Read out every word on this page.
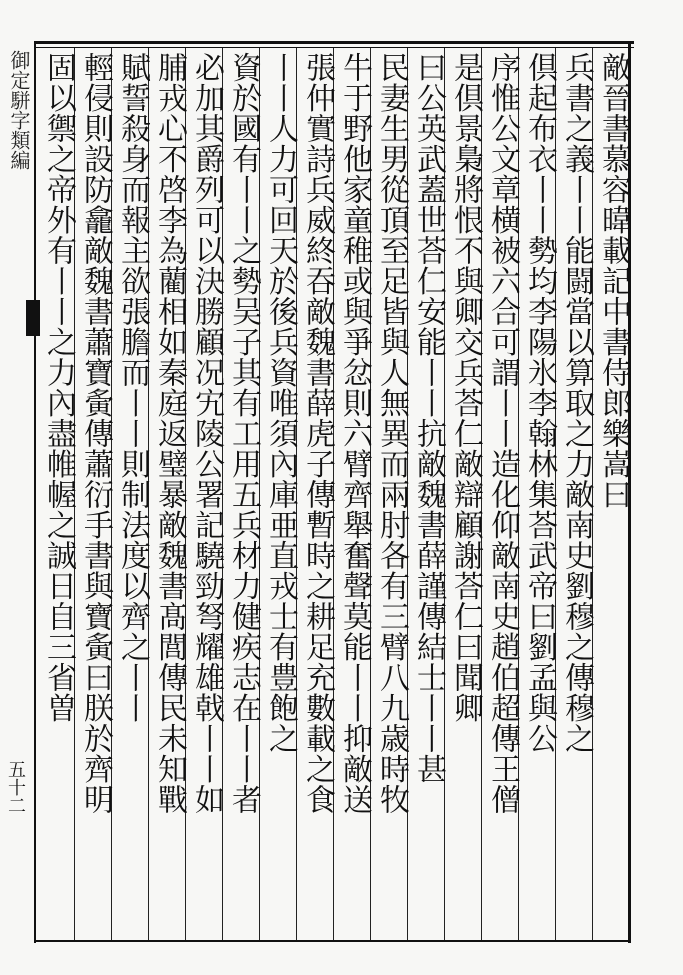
敵晉書慕容暐載記中書侍郎樂嵩曰
兵書之義丨丨能闘當以算取之力敵南史劉穆之傳穆之
倶起布衣丨丨勢均李陽氷李翰林集荅武帝曰劉孟與公
序惟公文章横被六合可謂丨丨造化仰敵南史趙伯超傳王僧
是倶景梟將恨不與卿交兵荅仁敵辯顧謝荅仁曰聞卿
曰公英武蓋世荅仁安能丨丨抗敵魏書薛謹傳結士丨丨甚
民妻生男從頂至足皆與人無異而兩肘各有三臂八九歳時牧
牛于野他家童稚或與爭忿則六臂齊舉奮聲莫能丨丨抑敵送
張仲實詩兵威終吞敵魏書薛虎子傳暫時之耕足充數載之食
丨丨人力可回天於後兵資唯須內庫亜直戎士有豊飽之
資於國有丨丨之勢吴子其有工用五兵材力健疾志在丨丨者
必加其爵列可以決勝顧况宄陵公署記驍勁弩耀雄戟丨丨如
脯戎心不啓李為藺相如秦庭返璧暴敵魏書髙閭傳民未知戰
賦誓殺身而報主欲張膽而丨丨則制法度以齊之丨丨
輕侵則設防龕敵魏書蕭寶夤傳蕭衍手書與寶夤曰朕於齊明
固以禦之帝外有丨丨之力內盡帷幄之誠日自三省曽
御定駢字類編
五十二
